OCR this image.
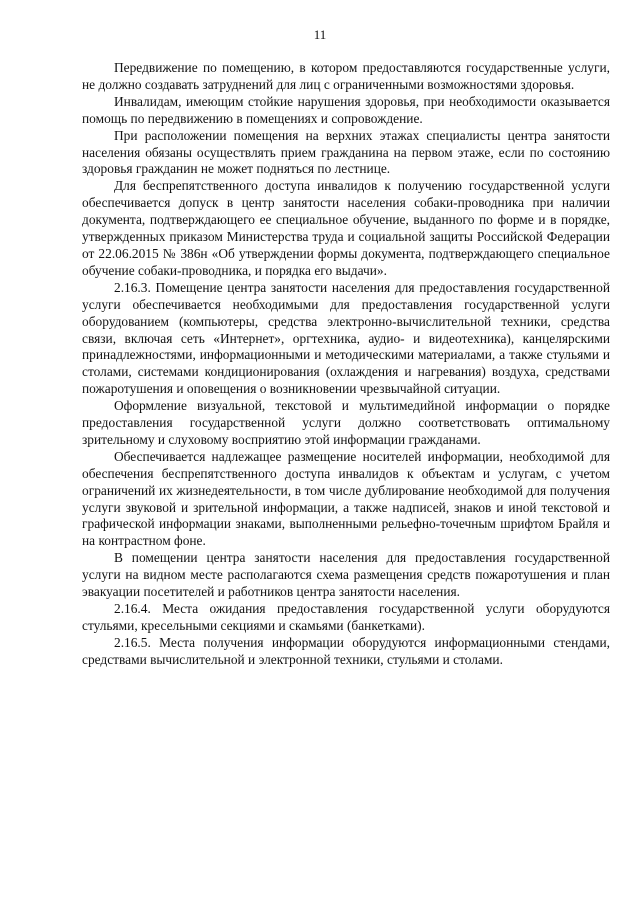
11

Передвижение по помещению, в котором предоставляются государственные услуги, не должно создавать затруднений для лиц с ограниченными возможностями здоровья.

Инвалидам, имеющим стойкие нарушения здоровья, при необходимости оказывается помощь по передвижению в помещениях и сопровождение.

При расположении помещения на верхних этажах специалисты центра занятости населения обязаны осуществлять прием гражданина на первом этаже, если по состоянию здоровья гражданин не может подняться по лестнице.

Для беспрепятственного доступа инвалидов к получению государственной услуги обеспечивается допуск в центр занятости населения собаки-проводника при наличии документа, подтверждающего ее специальное обучение, выданного по форме и в порядке, утвержденных приказом Министерства труда и социальной защиты Российской Федерации от 22.06.2015 № 386н «Об утверждении формы документа, подтверждающего специальное обучение собаки-проводника, и порядка его выдачи».

2.16.3. Помещение центра занятости населения для предоставления государственной услуги обеспечивается необходимыми для предоставления государственной услуги оборудованием (компьютеры, средства электронно-вычислительной техники, средства связи, включая сеть «Интернет», оргтехника, аудио- и видеотехника), канцелярскими принадлежностями, информационными и методическими материалами, а также стульями и столами, системами кондиционирования (охлаждения и нагревания) воздуха, средствами пожаротушения и оповещения о возникновении чрезвычайной ситуации.

Оформление визуальной, текстовой и мультимедийной информации о порядке предоставления государственной услуги должно соответствовать оптимальному зрительному и слуховому восприятию этой информации гражданами.

Обеспечивается надлежащее размещение носителей информации, необходимой для обеспечения беспрепятственного доступа инвалидов к объектам и услугам, с учетом ограничений их жизнедеятельности, в том числе дублирование необходимой для получения услуги звуковой и зрительной информации, а также надписей, знаков и иной текстовой и графической информации знаками, выполненными рельефно-точечным шрифтом Брайля и на контрастном фоне.

В помещении центра занятости населения для предоставления государственной услуги на видном месте располагаются схема размещения средств пожаротушения и план эвакуации посетителей и работников центра занятости населения.

2.16.4. Места ожидания предоставления государственной услуги оборудуются стульями, кресельными секциями и скамьями (банкетками).

2.16.5. Места получения информации оборудуются информационными стендами, средствами вычислительной и электронной техники, стульями и столами.
